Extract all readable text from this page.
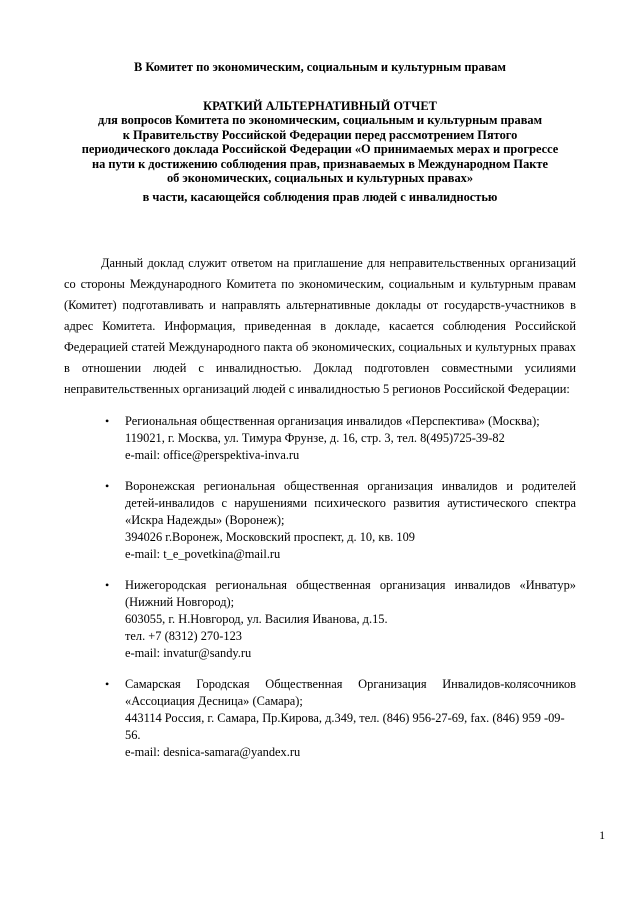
В Комитет по экономическим, социальным и культурным правам

КРАТКИЙ АЛЬТЕРНАТИВНЫЙ ОТЧЕТ
для вопросов Комитета по экономическим, социальным и культурным правам
к Правительству Российской Федерации перед рассмотрением Пятого
периодического доклада Российской Федерации «О принимаемых мерах и прогрессе
на пути к достижению соблюдения прав, признаваемых в Международном Пакте
об экономических, социальных и культурных правах»

в части, касающейся соблюдения прав людей с инвалидностью

Данный доклад служит ответом на приглашение для неправительственных организаций со стороны Международного Комитета по экономическим, социальным и культурным правам (Комитет) подготавливать и направлять альтернативные доклады от государств-участников в адрес Комитета. Информация, приведенная в докладе, касается соблюдения Российской Федерацией статей Международного пакта об экономических, социальных и культурных правах в отношении людей с инвалидностью. Доклад подготовлен совместными усилиями неправительственных организаций людей с инвалидностью 5 регионов Российской Федерации:

• Региональная общественная организация инвалидов «Перспектива» (Москва);
119021, г. Москва, ул. Тимура Фрунзе, д. 16, стр. 3, тел. 8(495)725-39-82
e-mail: office@perspektiva-inva.ru
• Воронежская региональная общественная организация инвалидов и родителей детей-инвалидов с нарушениями психического развития аутистического спектра «Искра Надежды» (Воронеж);
394026 г.Воронеж, Московский проспект, д. 10, кв. 109
e-mail: t_e_povetkina@mail.ru
• Нижегородская региональная общественная организация инвалидов «Инватур» (Нижний Новгород);
603055, г. Н.Новгород, ул. Василия Иванова, д.15.
тел. +7 (8312) 270-123
e-mail: invatur@sandy.ru
• Самарская Городская Общественная Организация Инвалидов-колясочников «Ассоциация Десница» (Самара);
443114 Россия, г. Самара, Пр.Кирова, д.349, тел. (846) 956-27-69, fax. (846) 959 -09-56.
e-mail: desnica-samara@yandex.ru
1
